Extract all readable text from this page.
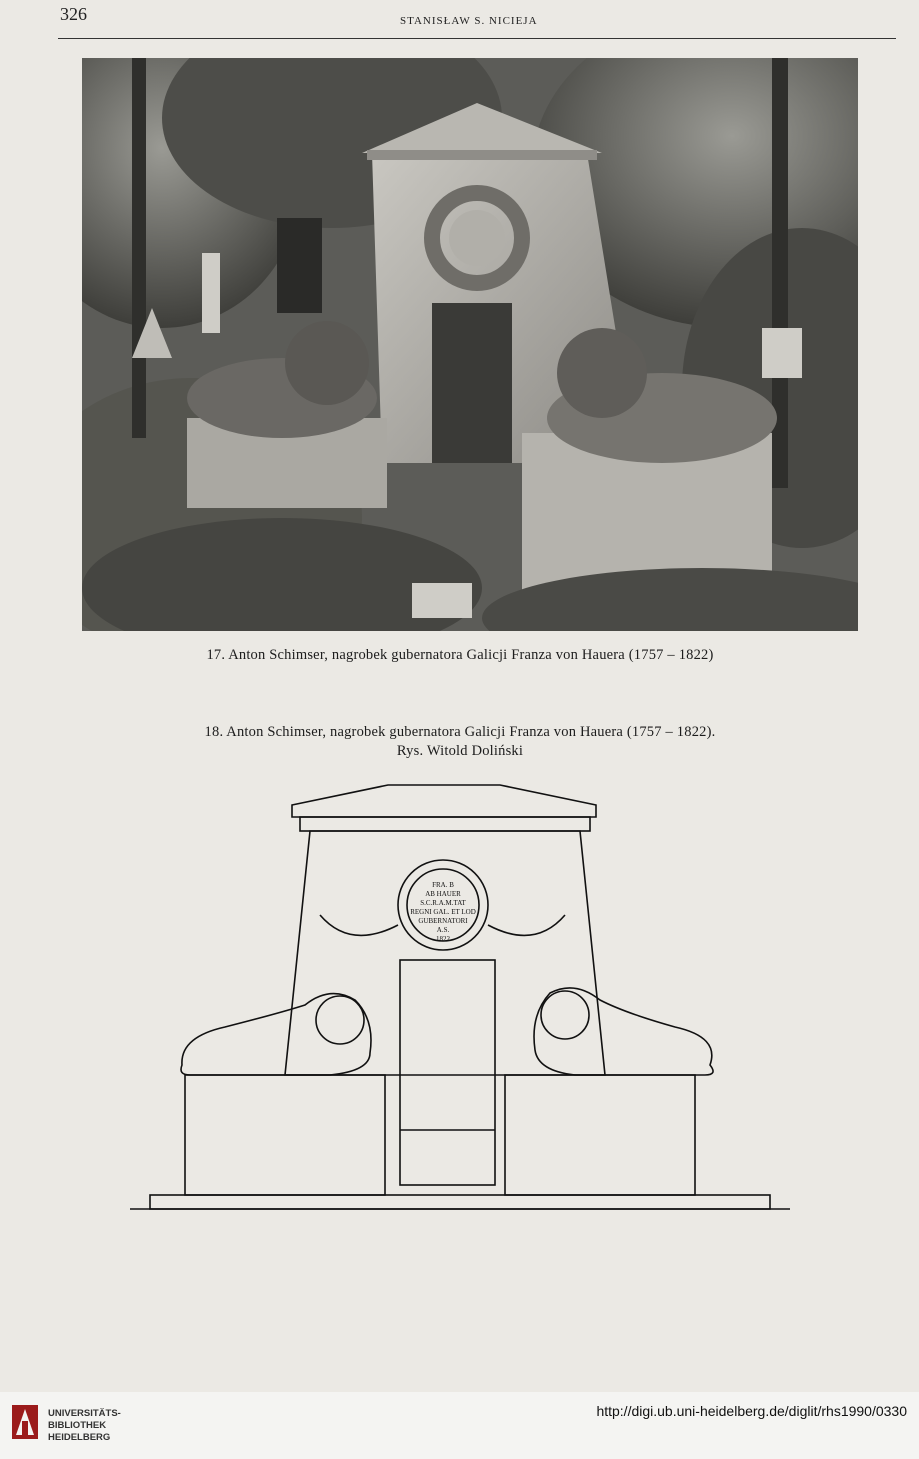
326	STANISŁAW S. NICIEJA
17. Anton Schimser, nagrobek gubernatora Galicji Franza von Hauera (1757 – 1822)
18. Anton Schimser, nagrobek gubernatora Galicji Franza von Hauera (1757 – 1822).
Rys. Witold Doliński
FRA. B
AB HAUER
S.C.R.A.M.TAT
REGNI GAL. ET LOD
GUBERNATORI
A.S.
1822
UNIVERSITÄTS-
BIBLIOTHEK
HEIDELBERG
http://digi.ub.uni-heidelberg.de/diglit/rhs1990/0330
